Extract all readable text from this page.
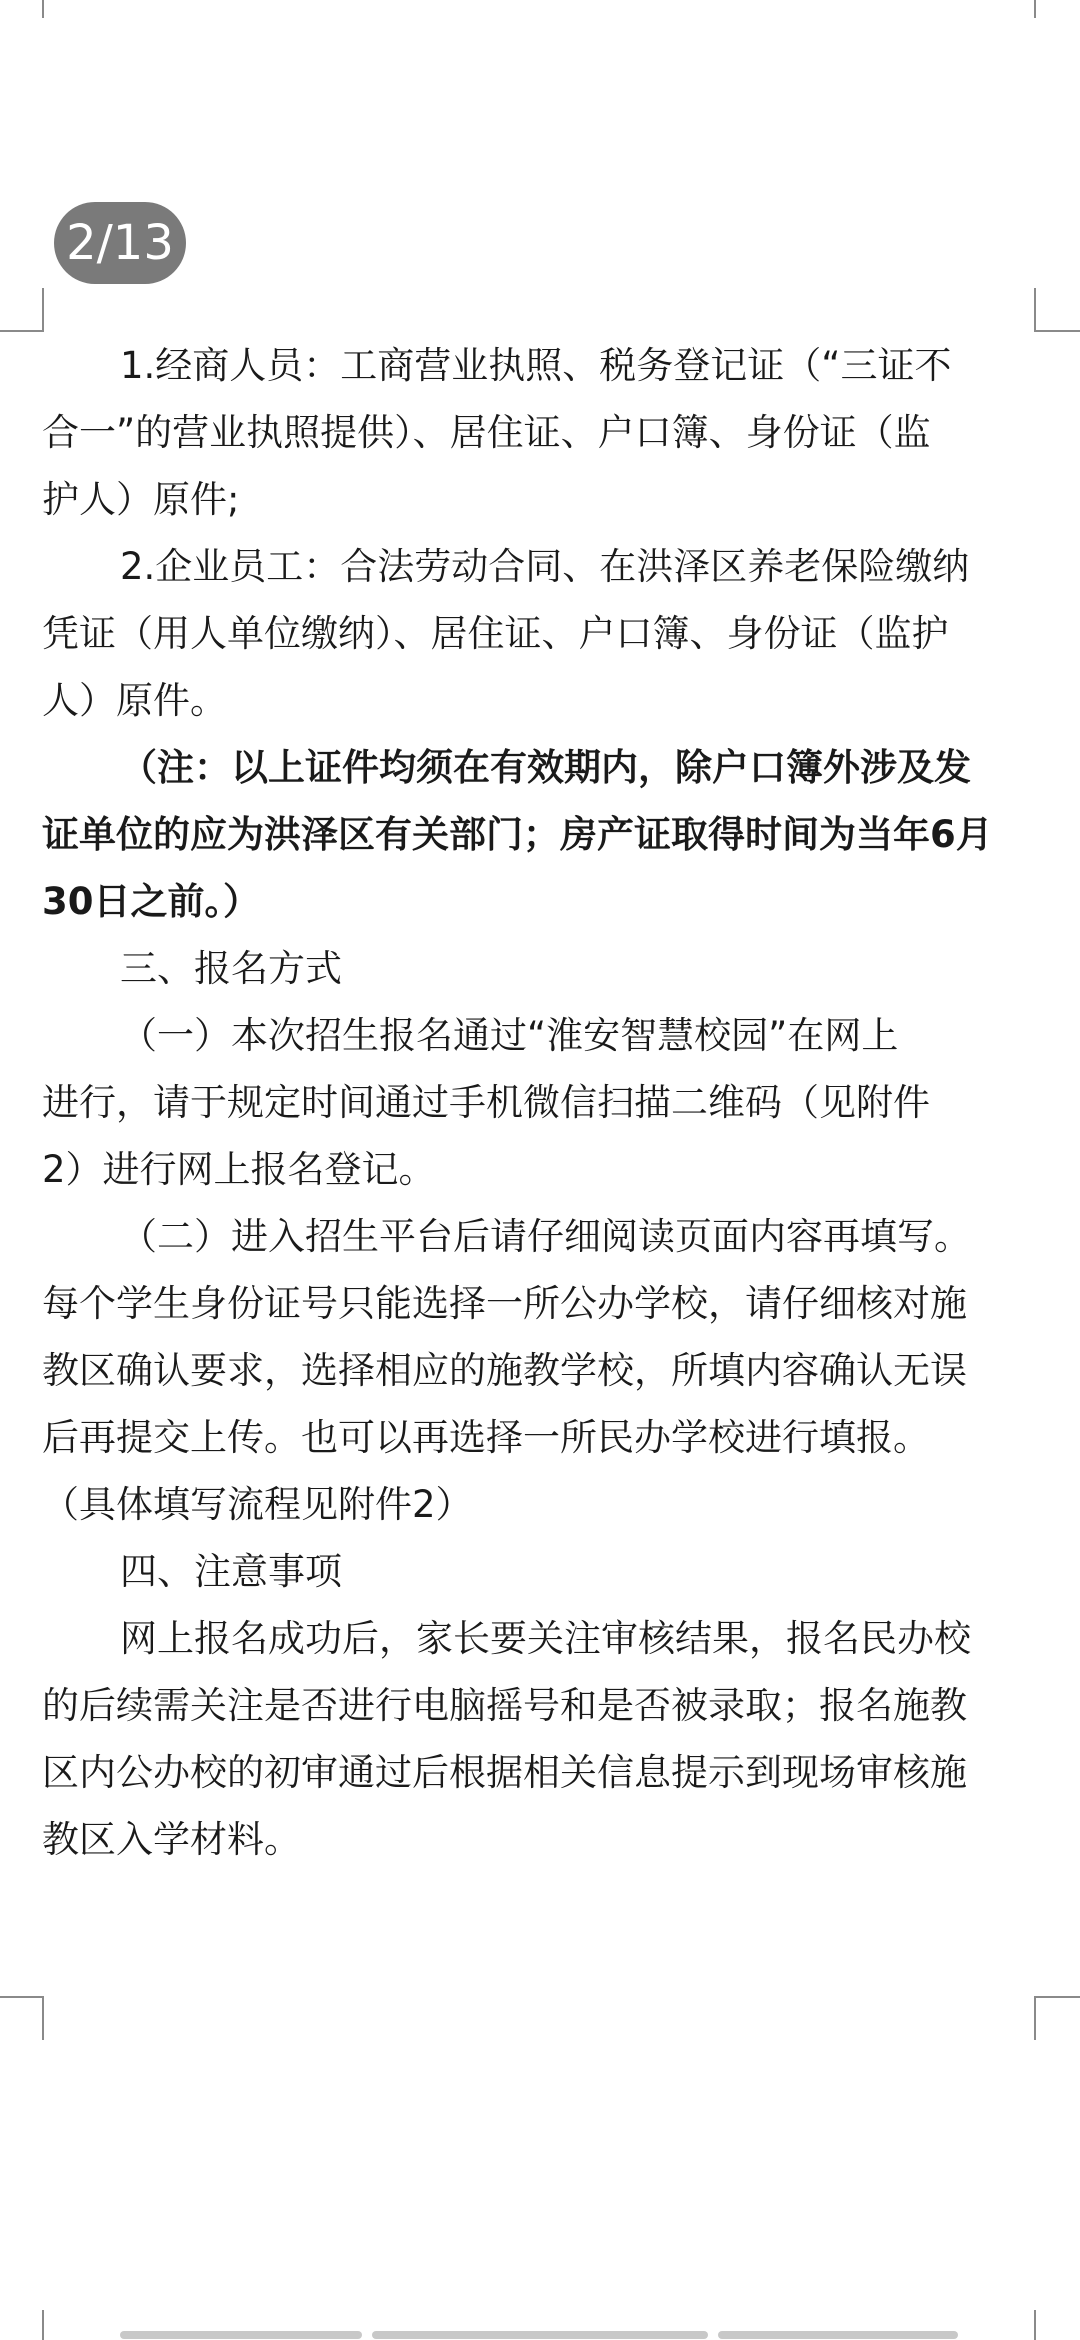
2/13
1.经商人员：工商营业执照、税务登记证（“三证不
合一”的营业执照提供）、居住证、户口簿、身份证（监
护人）原件;
2.企业员工：合法劳动合同、在洪泽区养老保险缴纳
凭证（用人单位缴纳）、居住证、户口簿、身份证（监护
人）原件。
（注：以上证件均须在有效期内，除户口簿外涉及发
证单位的应为洪泽区有关部门；房产证取得时间为当年6月
30日之前。）
三、报名方式
（一）本次招生报名通过“淮安智慧校园”在网上
进行，请于规定时间通过手机微信扫描二维码（见附件
2）进行网上报名登记。
（二）进入招生平台后请仔细阅读页面内容再填写。
每个学生身份证号只能选择一所公办学校，请仔细核对施
教区确认要求，选择相应的施教学校，所填内容确认无误
后再提交上传。也可以再选择一所民办学校进行填报。
（具体填写流程见附件2）
四、注意事项
网上报名成功后，家长要关注审核结果，报名民办校
的后续需关注是否进行电脑摇号和是否被录取；报名施教
区内公办校的初审通过后根据相关信息提示到现场审核施
教区入学材料。
